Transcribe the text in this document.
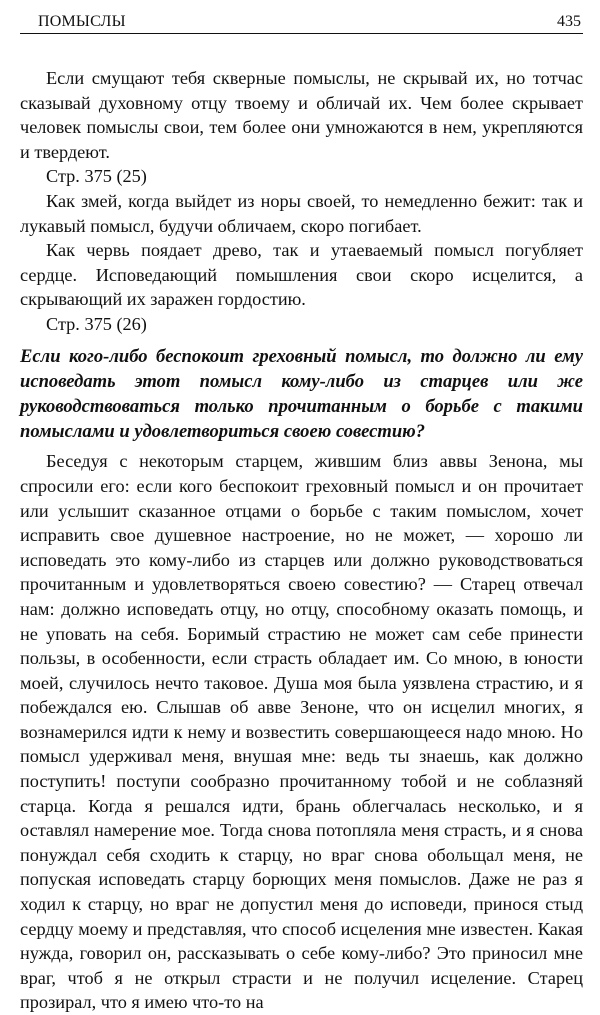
ПОМЫСЛЫ	435

Если смущают тебя скверные помыслы, не скрывай их, но тотчас сказывай духовному отцу твоему и обличай их. Чем более скрывает человек помыслы свои, тем более они умножаются в нем, укрепляются и твердеют.

Стр. 375 (25)

Как змей, когда выйдет из норы своей, то немедленно бежит: так и лукавый помысл, будучи обличаем, скоро погибает.

Как червь поядает древо, так и утаеваемый помысл погубляет сердце. Исповедающий помышления свои скоро исцелится, а скрывающий их заражен гордостию.

Стр. 375 (26)

Если кого-либо беспокоит греховный помысл, то должно ли ему исповедать этот помысл кому-либо из старцев или же руководствоваться только прочитанным о борьбе с такими помыслами и удовлетвориться своею совестию?

Беседуя с некоторым старцем, жившим близ аввы Зенона, мы спросили его: если кого беспокоит греховный помысл и он прочитает или услышит сказанное отцами о борьбе с таким помыслом, хочет исправить свое душевное настроение, но не может, — хорошо ли исповедать это кому-либо из старцев или должно руководствоваться прочитанным и удовлетворяться своею совестию? — Старец отвечал нам: должно исповедать отцу, но отцу, способному оказать помощь, и не уповать на себя. Боримый страстию не может сам себе принести пользы, в особенности, если страсть обладает им. Со мною, в юности моей, случилось нечто таковое. Душа моя была уязвлена страстию, и я побеждался ею. Слышав об авве Зеноне, что он исцелил многих, я вознамерился идти к нему и возвестить совершающееся надо мною. Но помысл удерживал меня, внушая мне: ведь ты знаешь, как должно поступить! поступи сообразно прочитанному тобой и не соблазняй старца. Когда я решался идти, брань облегчалась несколько, и я оставлял намерение мое. Тогда снова потопляла меня страсть, и я снова понуждал себя сходить к старцу, но враг снова обольщал меня, не попуская исповедать старцу борющих меня помыслов. Даже не раз я ходил к старцу, но враг не допустил меня до исповеди, принося стыд сердцу моему и представляя, что способ исцеления мне известен. Какая нужда, говорил он, рассказывать о себе кому-либо? Это приносил мне враг, чтоб я не открыл страсти и не получил исцеление. Старец прозирал, что я имею что-то на
